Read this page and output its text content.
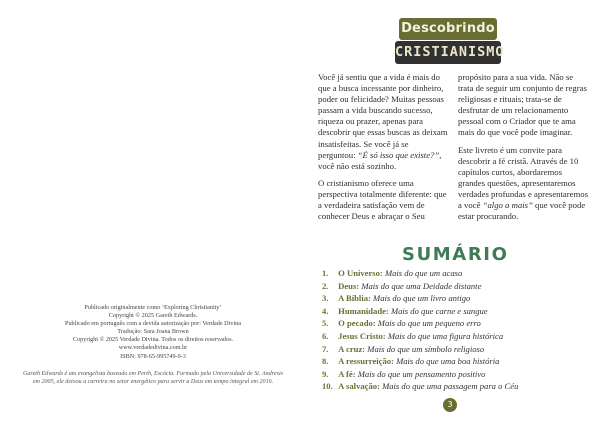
Publicado originalmente como ‘Exploring Christianity’
Copyright © 2025 Gareth Edwards.
Publicado em português com a devida autorização por: Verdade Divina
Tradução: Sara Joana Brown
Copyright © 2025 Verdade Divina. Todos os direitos reservados.
www.verdadedivina.com.br
ISBN: 978-65-995749-9-3
Gareth Edwards é um evangelista baseado em Perth, Escócia. Formado pela Universidade de St. Andrews em 2005, ele deixou a carreira no setor energético para servir a Deus em tempo integral em 2016.
Descobrindo
CRISTIANISMO

Você já sentiu que a vida é mais do que a busca incessante por dinheiro, poder ou felicidade? Muitas pessoas passam a vida buscando sucesso, riqueza ou prazer, apenas para descobrir que essas buscas as deixam insatisfeitas. Se você já se perguntou: “É só isso que existe?”, você não está sozinho.

O cristianismo oferece uma perspectiva totalmente diferente: que a verdadeira satisfação vem de conhecer Deus e abraçar o Seu

propósito para a sua vida. Não se trata de seguir um conjunto de regras religiosas e rituais; trata-se de desfrutar de um relacionamento pessoal com o Criador que te ama mais do que você pode imaginar.

Este livreto é um convite para descobrir a fé cristã. Através de 10 capítulos curtos, abordaremos grandes questões, apresentaremos verdades profundas e apresentaremos a você “algo a mais” que você pode estar procurando.

SUMÁRIO
1. O Universo: Mais do que um acaso
2. Deus: Mais do que uma Deidade distante
3. A Bíblia: Mais do que um livro antigo
4. Humanidade: Mais do que carne e sangue
5. O pecado: Mais do que um pequeno erro
6. Jesus Cristo: Mais do que uma figura histórica
7. A cruz: Mais do que um símbolo religioso
8. A ressurreição: Mais do que uma boa história
9. A fé: Mais do que um pensamento positivo
10. A salvação: Mais do que uma passagem para o Céu
3
